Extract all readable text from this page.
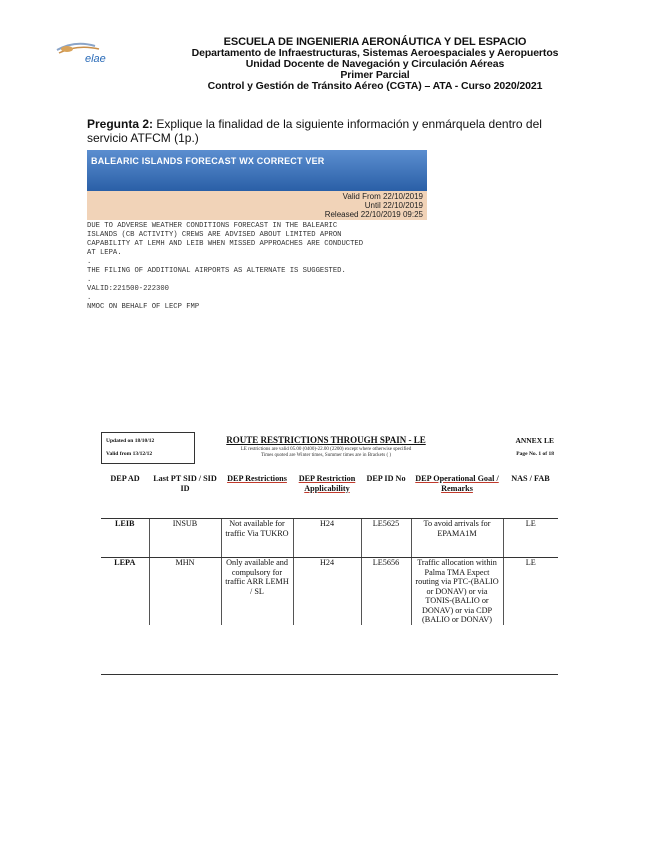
elae
ESCUELA DE INGENIERIA AERONÁUTICA Y DEL ESPACIO
Departamento de Infraestructuras, Sistemas Aeroespaciales y Aeropuertos
Unidad Docente de Navegación y Circulación Aéreas
Primer Parcial
Control y Gestión de Tránsito Aéreo (CGTA) – ATA - Curso 2020/2021
Pregunta 2: Explique la finalidad de la siguiente información y enmárquela dentro del servicio ATFCM (1p.)
BALEARIC ISLANDS FORECAST WX CORRECT VER
Valid From 22/10/2019
Until 22/10/2019
Released 22/10/2019 09:25
DUE TO ADVERSE WEATHER CONDITIONS FORECAST IN THE BALEARIC
ISLANDS (CB ACTIVITY) CREWS ARE ADVISED ABOUT LIMITED APRON
CAPABILITY AT LEMH AND LEIB WHEN MISSED APPROACHES ARE CONDUCTED
AT LEPA.
.
THE FILING OF ADDITIONAL AIRPORTS AS ALTERNATE IS SUGGESTED.
.
VALID:221500-222300
.
NMOC ON BEHALF OF LECP FMP
Updated on 18/10/12
Valid from 13/12/12
ROUTE RESTRICTIONS THROUGH SPAIN - LE
LE restrictions are valid 05.00 (0400)-22.00 (2200) except where otherwise specified
Times quoted are Winter times, Summer times are in Brackets ( )
ANNEX LE
Page No. 1 of 18
DEP AD	Last PT SID / SID ID	DEP Restrictions	DEP Restriction Applicability	DEP ID No	DEP Operational Goal / Remarks	NAS / FAB

LEIB	INSUB	Not available for traffic Via TUKRO	H24	LE5625	To avoid arrivals for EPAMA1M	LE
LEPA	MHN	Only available and compulsory for traffic ARR LEMH / SL	H24	LE5656	Traffic allocation within Palma TMA Expect routing via PTC-(BALIO or DONAV) or via TONIS-(BALIO or DONAV) or via CDP (BALIO or DONAV)	LE
